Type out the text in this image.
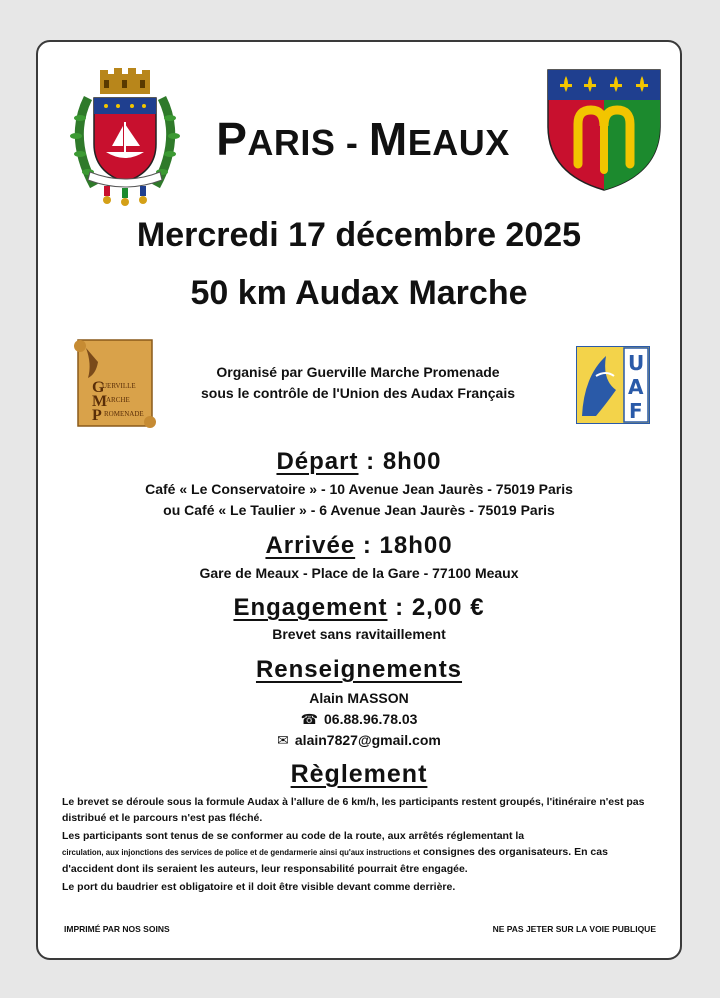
PARIS - MEAUX
Mercredi 17 décembre 2025
50 km Audax Marche
G
UERVILLE
M
ARCHE
P ROMENADE
Organisé par Guerville Marche Promenade
sous le contrôle de l'Union des Audax Français
U
A
F
Départ : 8h00
Café « Le Conservatoire » - 10 Avenue Jean Jaurès - 75019 Paris
ou Café « Le Taulier » - 6 Avenue Jean Jaurès - 75019 Paris
Arrivée : 18h00
Gare de Meaux - Place de la Gare - 77100 Meaux
Engagement : 2,00 €
Brevet sans ravitaillement
Renseignements
Alain MASSON
☎ 06.88.96.78.03
✉ alain7827@gmail.com
Règlement

Le brevet se déroule sous la formule Audax à l'allure de 6 km/h, les participants restent groupés, l'itinéraire n'est pas distribué et le parcours n'est pas fléché.

Les participants sont tenus de se conformer au code de la route, aux arrêtés réglementant la
circulation, aux injonctions des services de police et de gendarmerie ainsi qu'aux instructions et consignes des organisateurs. En cas d'accident dont ils seraient les auteurs, leur responsabilité pourrait être engagée.

Le port du baudrier est obligatoire et il doit être visible devant comme derrière.

IMPRIMÉ PAR NOS SOINS	NE PAS JETER SUR LA VOIE PUBLIQUE
